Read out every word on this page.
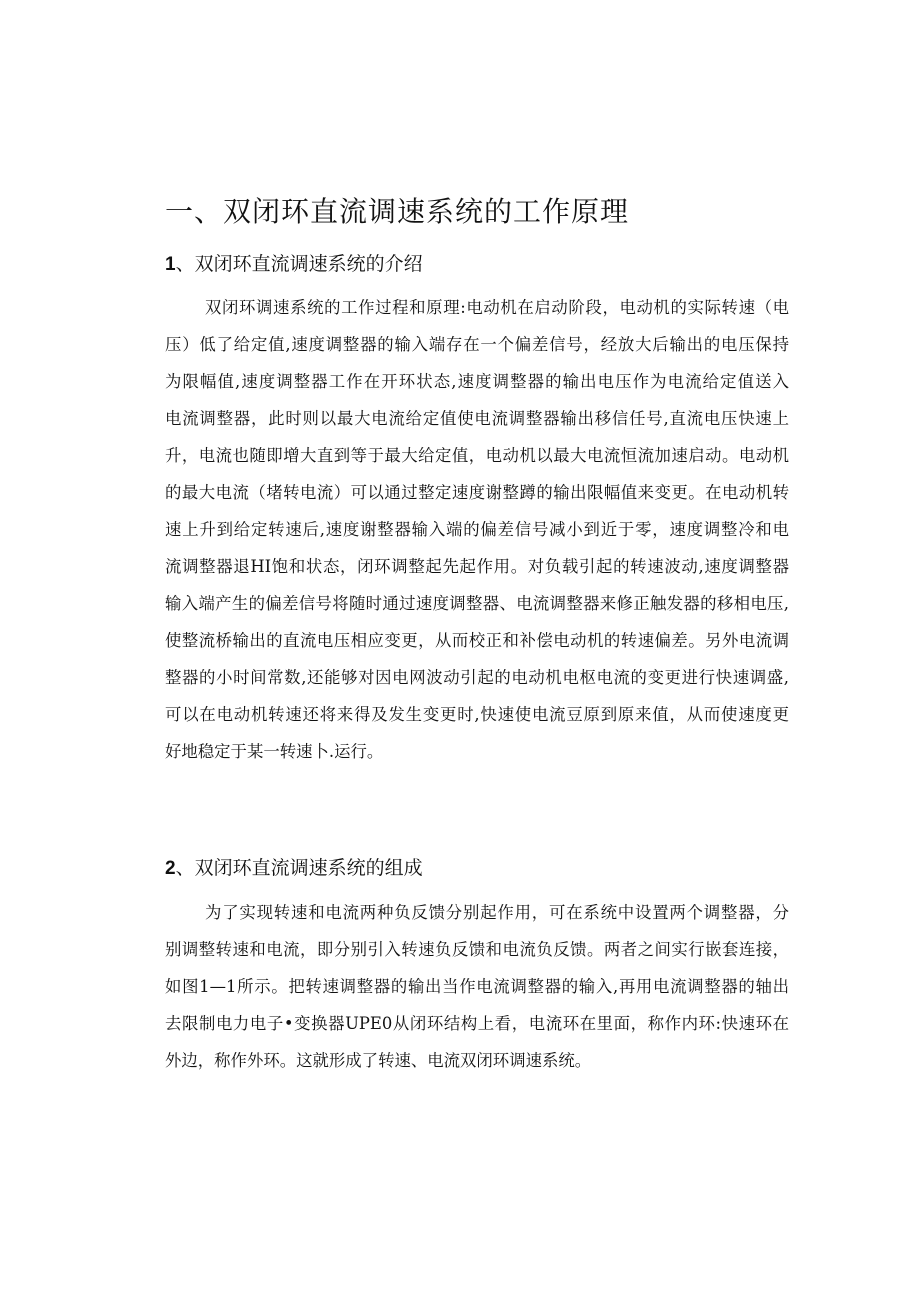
一、双闭环直流调速系统的工作原理
1、双闭环直流调速系统的介绍
双闭环调速系统的工作过程和原理:电动机在启动阶段，电动机的实际转速（电
压）低了给定值,速度调整器的输入端存在一个偏差信号，经放大后输出的电压保持
为限幅值,速度调整器工作在开环状态,速度调整器的输出电压作为电流给定值送入
电流调整器，此时则以最大电流给定值使电流调整器输出移信任号,直流电压快速上
升，电流也随即增大直到等于最大给定值，电动机以最大电流恒流加速启动。电动机
的最大电流（堵转电流）可以通过整定速度谢整蹲的输出限幅值来变更。在电动机转
速上升到给定转速后,速度谢整器输入端的偏差信号减小到近于零，速度调整冷和电
流调整器退HI饱和状态，闭环调整起先起作用。对负载引起的转速波动,速度调整器
输入端产生的偏差信号将随时通过速度调整器、电流调整器来修正触发器的移相电压,
使整流桥输出的直流电压相应变更，从而校正和补偿电动机的转速偏差。另外电流调
整器的小时间常数,还能够对因电网波动引起的电动机电枢电流的变更进行快速调盛,
可以在电动机转速还将来得及发生变更时,快速使电流豆原到原来值，从而使速度更
好地稳定于某一转速卜.运行。
2、双闭环直流调速系统的组成
为了实现转速和电流两种负反馈分别起作用，可在系统中设置两个调整器，分
别调整转速和电流，即分别引入转速负反馈和电流负反馈。两者之间实行嵌套连接，
如图1—1所示。把转速调整器的输出当作电流调整器的输入,再用电流调整器的轴出
去限制电力电子•变换器UPE0从闭环结构上看，电流环在里面，称作内环:快速环在
外边，称作外环。这就形成了转速、电流双闭环调速系统。
